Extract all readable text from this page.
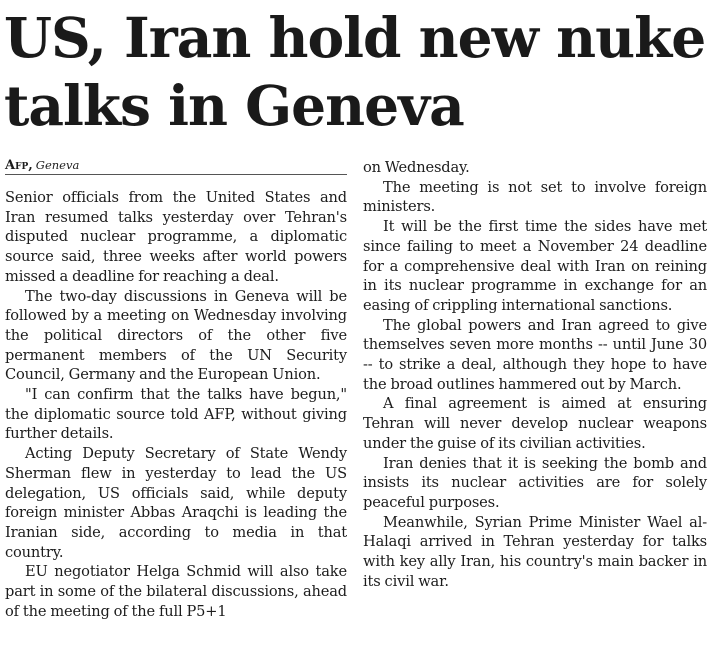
US, Iran hold new nuke talks in Geneva
Afp, Geneva

Senior officials from the United States and Iran resumed talks yesterday over Tehran's disputed nuclear programme, a diplomatic source said, three weeks after world powers missed a deadline for reaching a deal.

The two-day discussions in Geneva will be followed by a meeting on Wednesday involving the political directors of the other five permanent members of the UN Security Council, Germany and the European Union.

"I can confirm that the talks have begun," the diplomatic source told AFP, without giving further details.

Acting Deputy Secretary of State Wendy Sherman flew in yesterday to lead the US delegation, US officials said, while deputy foreign minister Abbas Araqchi is leading the Iranian side, according to media in that country.

EU negotiator Helga Schmid will also take part in some of the bilateral discussions, ahead of the meeting of the full P5+1

on Wednesday.

The meeting is not set to involve foreign ministers.

It will be the first time the sides have met since failing to meet a November 24 deadline for a comprehensive deal with Iran on reining in its nuclear programme in exchange for an easing of crippling international sanctions.

The global powers and Iran agreed to give themselves seven more months -- until June 30 -- to strike a deal, although they hope to have the broad outlines hammered out by March.

A final agreement is aimed at ensuring Tehran will never develop nuclear weapons under the guise of its civilian activities.

Iran denies that it is seeking the bomb and insists its nuclear activities are for solely peaceful purposes.

Meanwhile, Syrian Prime Minister Wael al-Halaqi arrived in Tehran yesterday for talks with key ally Iran, his country's main backer in its civil war.
